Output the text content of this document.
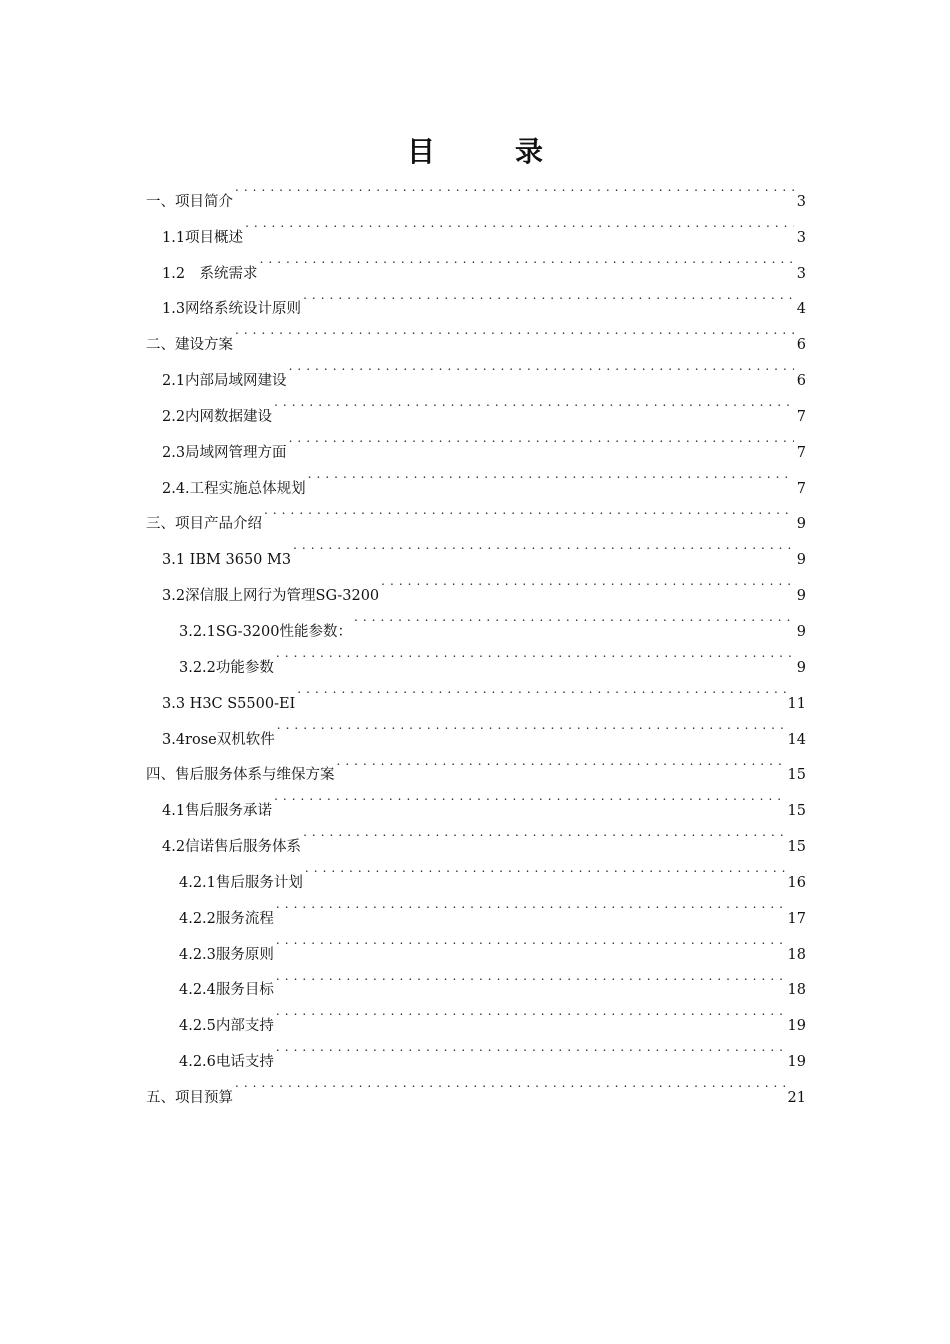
目　录
一、项目简介 . . .	3
1.1项目概述 . . .	3
1.2　系统需求 . . .	3
1.3网络系统设计原则 . . .	4
二、建设方案 . . .	6
2.1内部局域网建设 . . .	6
2.2内网数据建设 . . .	7
2.3局域网管理方面 . . .	7
2.4.工程实施总体规划 . . .	7
三、项目产品介绍 . . .	9
3.1 IBM 3650 M3 . . .	9
3.2深信服上网行为管理SG-3200 . . .	9
3.2.1SG-3200性能参数： . . .	9
3.2.2功能参数 . . .	9
3.3 H3C S5500-EI . . .	11
3.4rose双机软件 . . .	14
四、售后服务体系与维保方案 . . .	15
4.1售后服务承诺 . . .	15
4.2信诺售后服务体系 . . .	15
4.2.1售后服务计划 . . .	16
4.2.2服务流程 . . .	17
4.2.3服务原则 . . .	18
4.2.4服务目标 . . .	18
4.2.5内部支持 . . .	19
4.2.6电话支持 . . .	19
五、项目预算 . . .	21
